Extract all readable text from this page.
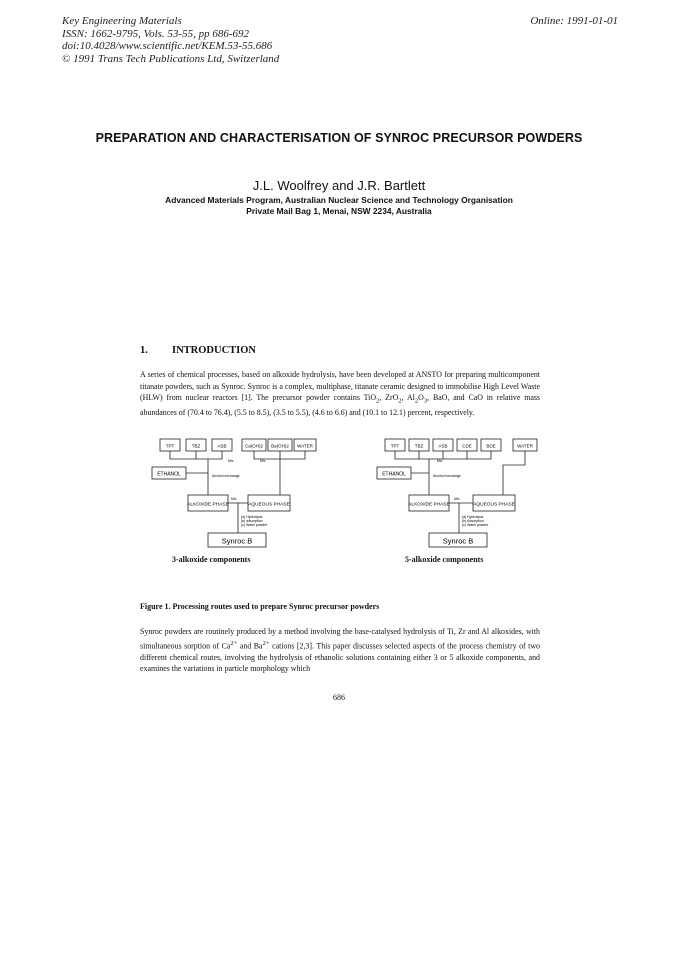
Key Engineering Materials
ISSN: 1662-9795, Vols. 53-55, pp 686-692
doi:10.4028/www.scientific.net/KEM.53-55.686
© 1991 Trans Tech Publications Ltd, Switzerland
Online: 1991-01-01
PREPARATION AND CHARACTERISATION OF SYNROC PRECURSOR POWDERS
J.L. Woolfrey and J.R. Bartlett
Advanced Materials Program, Australian Nuclear Science and Technology Organisation
Private Mail Bag 1, Menai, NSW 2234, Australia
1. INTRODUCTION
A series of chemical processes, based on alkoxide hydrolysis, have been developed at ANSTO for preparing multicomponent titanate powders, such as Synroc. Synroc is a complex, multiphase, titanate ceramic designed to immobilise High Level Waste (HLW) from nuclear reactors [1]. The precursor powder contains TiO$_2$, ZrO$_2$, $Al_2O_3$, BaO, and CaO in relative mass abundances of (70.4 to 76.4), (5.5 to 8.5), (3.5 to 5.5), (4.6 to 6.6) and (10.1 to 12.1) percent, respectively.
TPT	TBZ	ASB	Ca(OH)2 Ba(OH)2 WATER
Mix	Mix
ETHANOL	Alcohol exchange
ALKOXIDE PHASE	AQUEOUS PHASE
Mix
(a) Hydrolysis
(b) adsorption
(c) Wash powder
Synroc B
TPT	TBZ	ASB	CDE	BDE	WATER
Mix
ETHANOL	Alcohol exchange
ALKOXIDE PHASE	AQUEOUS PHASE
Mix
(a) Hydrolysis
(b) Adsorption
(c) Wash powder
Synroc B
3-alkoxide components	5-alkoxide components
Figure 1. Processing routes used to prepare Synroc precursor powders
Synroc powders are routinely produced by a method involving the base-catalysed hydrolysis of Ti, Zr and Al alkoxides, with simultaneous sorption of $Ca^{2+}$ and $Ba^{2+}$ cations [2,3]. This paper discusses selected aspects of the process chemistry of two different chemical routes, involving the hydrolysis of ethanolic solutions containing either 3 or 5 alkoxide components, and examines the variations in particle morphology which
686
